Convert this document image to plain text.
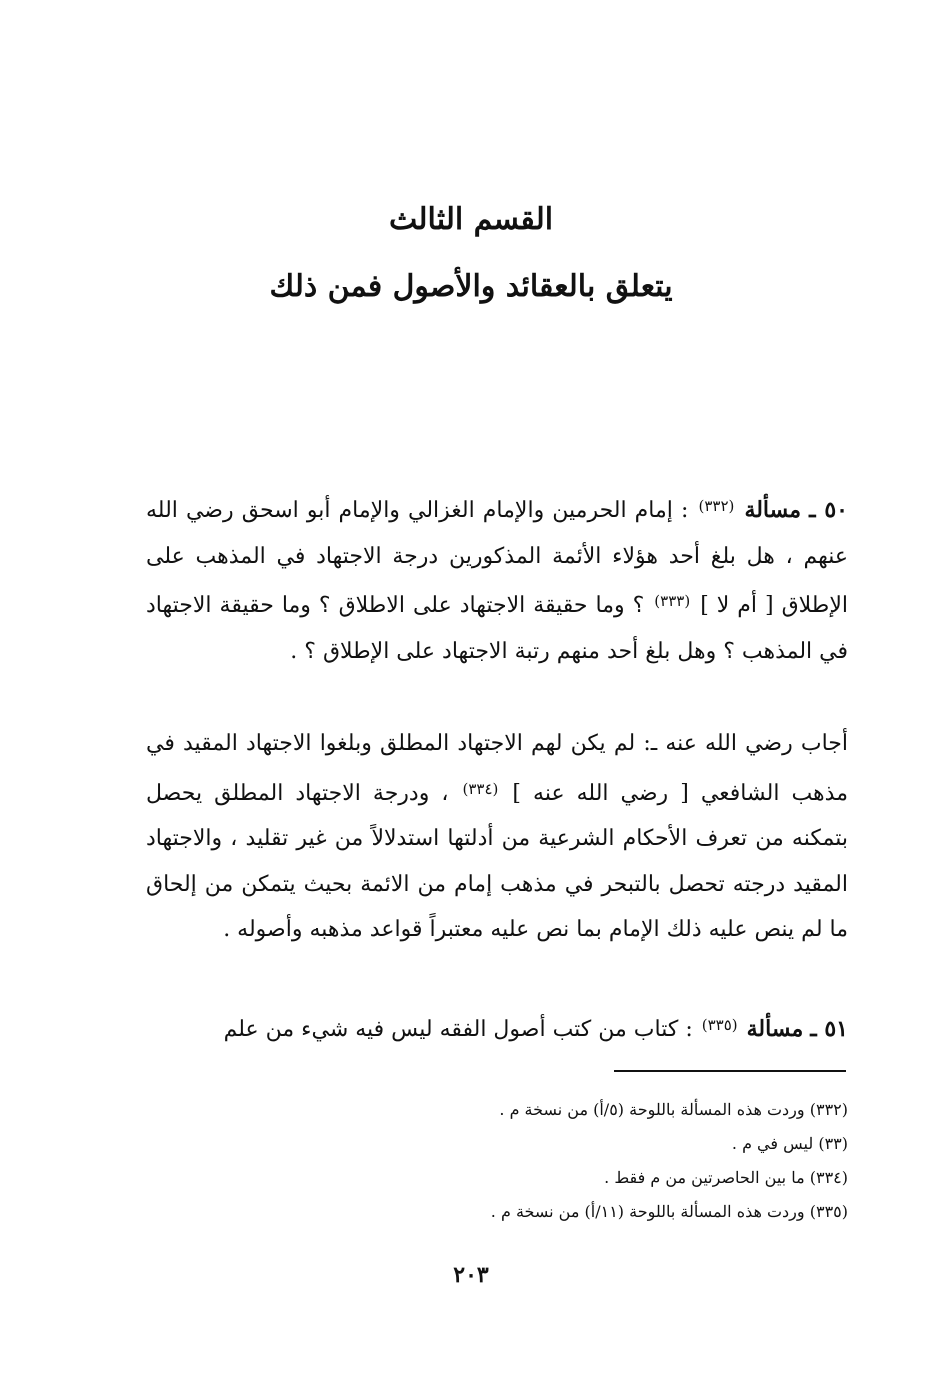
القسم الثالث
يتعلق بالعقائد والأصول فمن ذلك

٥٠ ـ مسألة $^{(٣٣٢)}$ : إمام الحرمين والإمام الغزالي والإمام أبو اسحق رضي الله عنهم ، هل بلغ أحد هؤلاء الأئمة المذكورين درجة الاجتهاد في المذهب على الإطلاق [ أم لا ] $^{(٣٣٣)}$ ؟ وما حقيقة الاجتهاد على الاطلاق ؟ وما حقيقة الاجتهاد في المذهب ؟ وهل بلغ أحد منهم رتبة الاجتهاد على الإطلاق ؟ .

أجاب رضي الله عنه ـ: لم يكن لهم الاجتهاد المطلق وبلغوا الاجتهاد المقيد في مذهب الشافعي [ رضي الله عنه ] $^{(٣٣٤)}$ ، ودرجة الاجتهاد المطلق يحصل بتمكنه من تعرف الأحكام الشرعية من أدلتها استدلالاً من غير تقليد ، والاجتهاد المقيد درجته تحصل بالتبحر في مذهب إمام من الائمة بحيث يتمكن من إلحاق ما لم ينص عليه ذلك الإمام بما نص عليه معتبراً قواعد مذهبه وأصوله .

٥١ ـ مسألة $^{(٣٣٥)}$ : كتاب من كتب أصول الفقه ليس فيه شيء من علم

(٣٣٢) وردت هذه المسألة باللوحة (٥/أ) من نسخة م .
(٣٣) ليس في م .
(٣٣٤) ما بين الحاصرتين من م فقط .
(٣٣٥) وردت هذه المسألة باللوحة (١١/أ) من نسخة م .
٢٠٣
